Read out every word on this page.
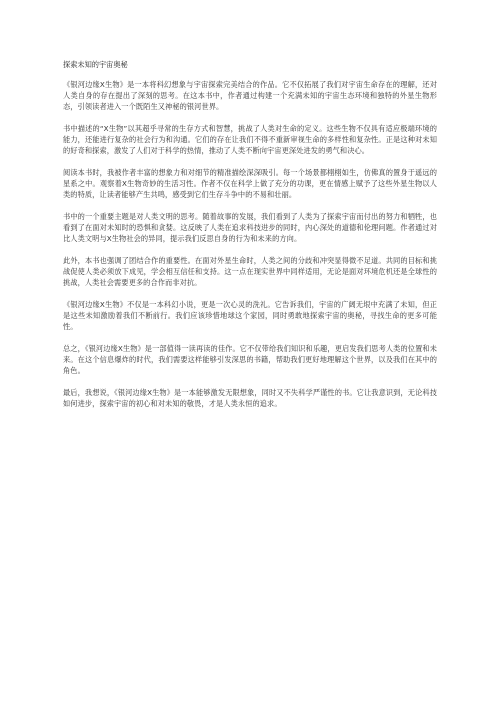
探索未知的宇宙奥秘

《银河边缘X生物》是一本将科幻想象与宇宙探索完美结合的作品。它不仅拓展了我们对宇宙生命存在的理解，还对人类自身的存在提出了深刻的思考。在这本书中，作者通过构建一个充满未知的宇宙生态环境和独特的外星生物形态，引领读者进入一个既陌生又神秘的银河世界。

书中描述的“X生物”以其超乎寻常的生存方式和智慧，挑战了人类对生命的定义。这些生物不仅具有适应极端环境的能力，还能进行复杂的社会行为和沟通。它们的存在让我们不得不重新审视生命的多样性和复杂性。正是这种对未知的好奇和探索，激发了人们对于科学的热情，推动了人类不断向宇宙更深处进发的勇气和决心。

阅读本书时，我被作者丰富的想象力和对细节的精准描绘深深吸引。每一个场景都栩栩如生，仿佛真的置身于遥远的星系之中。观察着X生物奇妙的生活习性。作者不仅在科学上做了充分的功课，更在情感上赋予了这些外星生物以人类的特质，让读者能够产生共鸣，感受到它们生存斗争中的不易和壮丽。

书中的一个重要主题是对人类文明的思考。随着故事的发展，我们看到了人类为了探索宇宙而付出的努力和牺牲，也看到了在面对未知时的恐惧和贪婪。这反映了人类在追求科技进步的同时，内心深处的道德和伦理问题。作者通过对比人类文明与X生物社会的异同，提示我们反思自身的行为和未来的方向。

此外，本书也强调了团结合作的重要性。在面对外星生命时，人类之间的分歧和冲突显得微不足道。共同的目标和挑战促使人类必须放下成见，学会相互信任和支持。这一点在现实世界中同样适用，无论是面对环境危机还是全球性的挑战，人类社会需要更多的合作而非对抗。

《银河边缘X生物》不仅是一本科幻小说，更是一次心灵的洗礼。它告诉我们，宇宙的广阔无垠中充满了未知，但正是这些未知激励着我们不断前行。我们应该珍惜地球这个家园，同时勇敢地探索宇宙的奥秘，寻找生命的更多可能性。

总之，《银河边缘X生物》是一部值得一读再读的佳作。它不仅带给我们知识和乐趣，更启发我们思考人类的位置和未来。在这个信息爆炸的时代，我们需要这样能够引发深思的书籍，帮助我们更好地理解这个世界，以及我们在其中的角色。

最后，我想说，《银河边缘X生物》是一本能够激发无限想象，同时又不失科学严谨性的书。它让我意识到，无论科技如何进步，探索宇宙的初心和对未知的敬畏，才是人类永恒的追求。
